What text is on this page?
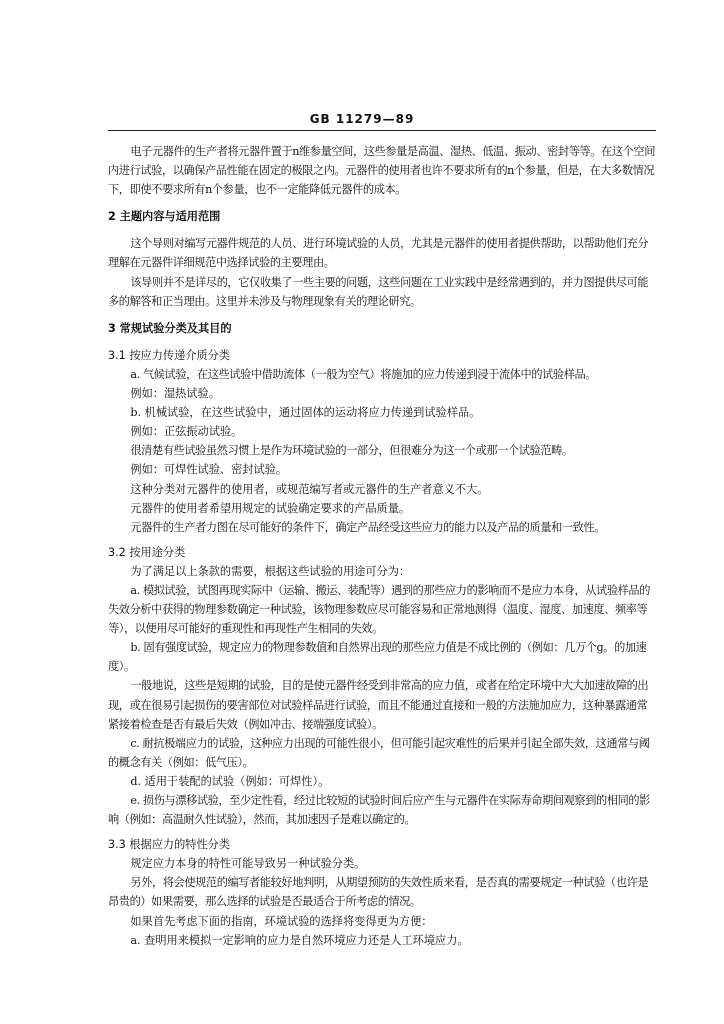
GB 11279—89

电子元器件的生产者将元器件置于n维参量空间，这些参量是高温、湿热、低温、振动、密封等等。在这个空间内进行试验，以确保产品性能在固定的极限之内。元器件的使用者也许不要求所有的n个参量，但是，在大多数情况下，即使不要求所有n个参量，也不一定能降低元器件的成本。

2 主题内容与适用范围

这个导则对编写元器件规范的人员、进行环境试验的人员，尤其是元器件的使用者提供帮助，以帮助他们充分理解在元器件详细规范中选择试验的主要理由。

该导则并不是详尽的，它仅收集了一些主要的问题，这些问题在工业实践中是经常遇到的，并力图提供尽可能多的解答和正当理由。这里并未涉及与物理现象有关的理论研究。

3 常规试验分类及其目的

3.1 按应力传递介质分类

a. 气候试验，在这些试验中借助流体（一般为空气）将施加的应力传递到浸于流体中的试验样品。

例如：湿热试验。

b. 机械试验，在这些试验中，通过固体的运动将应力传递到试验样品。

例如：正弦振动试验。

很清楚有些试验虽然习惯上是作为环境试验的一部分，但很难分为这一个或那一个试验范畴。

例如：可焊性试验、密封试验。

这种分类对元器件的使用者，或规范编写者或元器件的生产者意义不大。

元器件的使用者希望用规定的试验确定要求的产品质量。

元器件的生产者力图在尽可能好的条件下，确定产品经受这些应力的能力以及产品的质量和一致性。

3.2 按用途分类

为了满足以上条款的需要，根据这些试验的用途可分为：

a. 模拟试验，试图再现实际中（运输、搬运、装配等）遇到的那些应力的影响而不是应力本身，从试验样品的失效分析中获得的物理参数确定一种试验，该物理参数应尽可能容易和正常地测得（温度、湿度、加速度、频率等等），以便用尽可能好的重现性和再现性产生相同的失效。

b. 固有强度试验，规定应力的物理参数值和自然界出现的那些应力值是不成比例的（例如：几万个g。的加速度）。

一般地说，这些是短期的试验，目的是使元器件经受到非常高的应力值，或者在给定环境中大大加速故障的出现，或在很易引起损伤的要害部位对试验样品进行试验，而且不能通过直接和一般的方法施加应力，这种暴露通常紧接着检查是否有最后失效（例如冲击、接端强度试验）。

c. 耐抗极端应力的试验，这种应力出现的可能性很小，但可能引起灾难性的后果并引起全部失效，这通常与阈的概念有关（例如：低气压）。

d. 适用于装配的试验（例如：可焊性）。

e. 损伤与漂移试验，至少定性看，经过比较短的试验时间后应产生与元器件在实际寿命期间观察到的相同的影响（例如：高温耐久性试验），然而，其加速因子是难以确定的。

3.3 根据应力的特性分类

规定应力本身的特性可能导致另一种试验分类。

另外，将会使规范的编写者能较好地判明，从期望预防的失效性质来看，是否真的需要规定一种试验（也许是昂贵的）如果需要，那么选择的试验是否最适合于所考虑的情况。

如果首先考虑下面的指南，环境试验的选择将变得更为方便：

a. 查明用来模拟一定影响的应力是自然环境应力还是人工环境应力。
